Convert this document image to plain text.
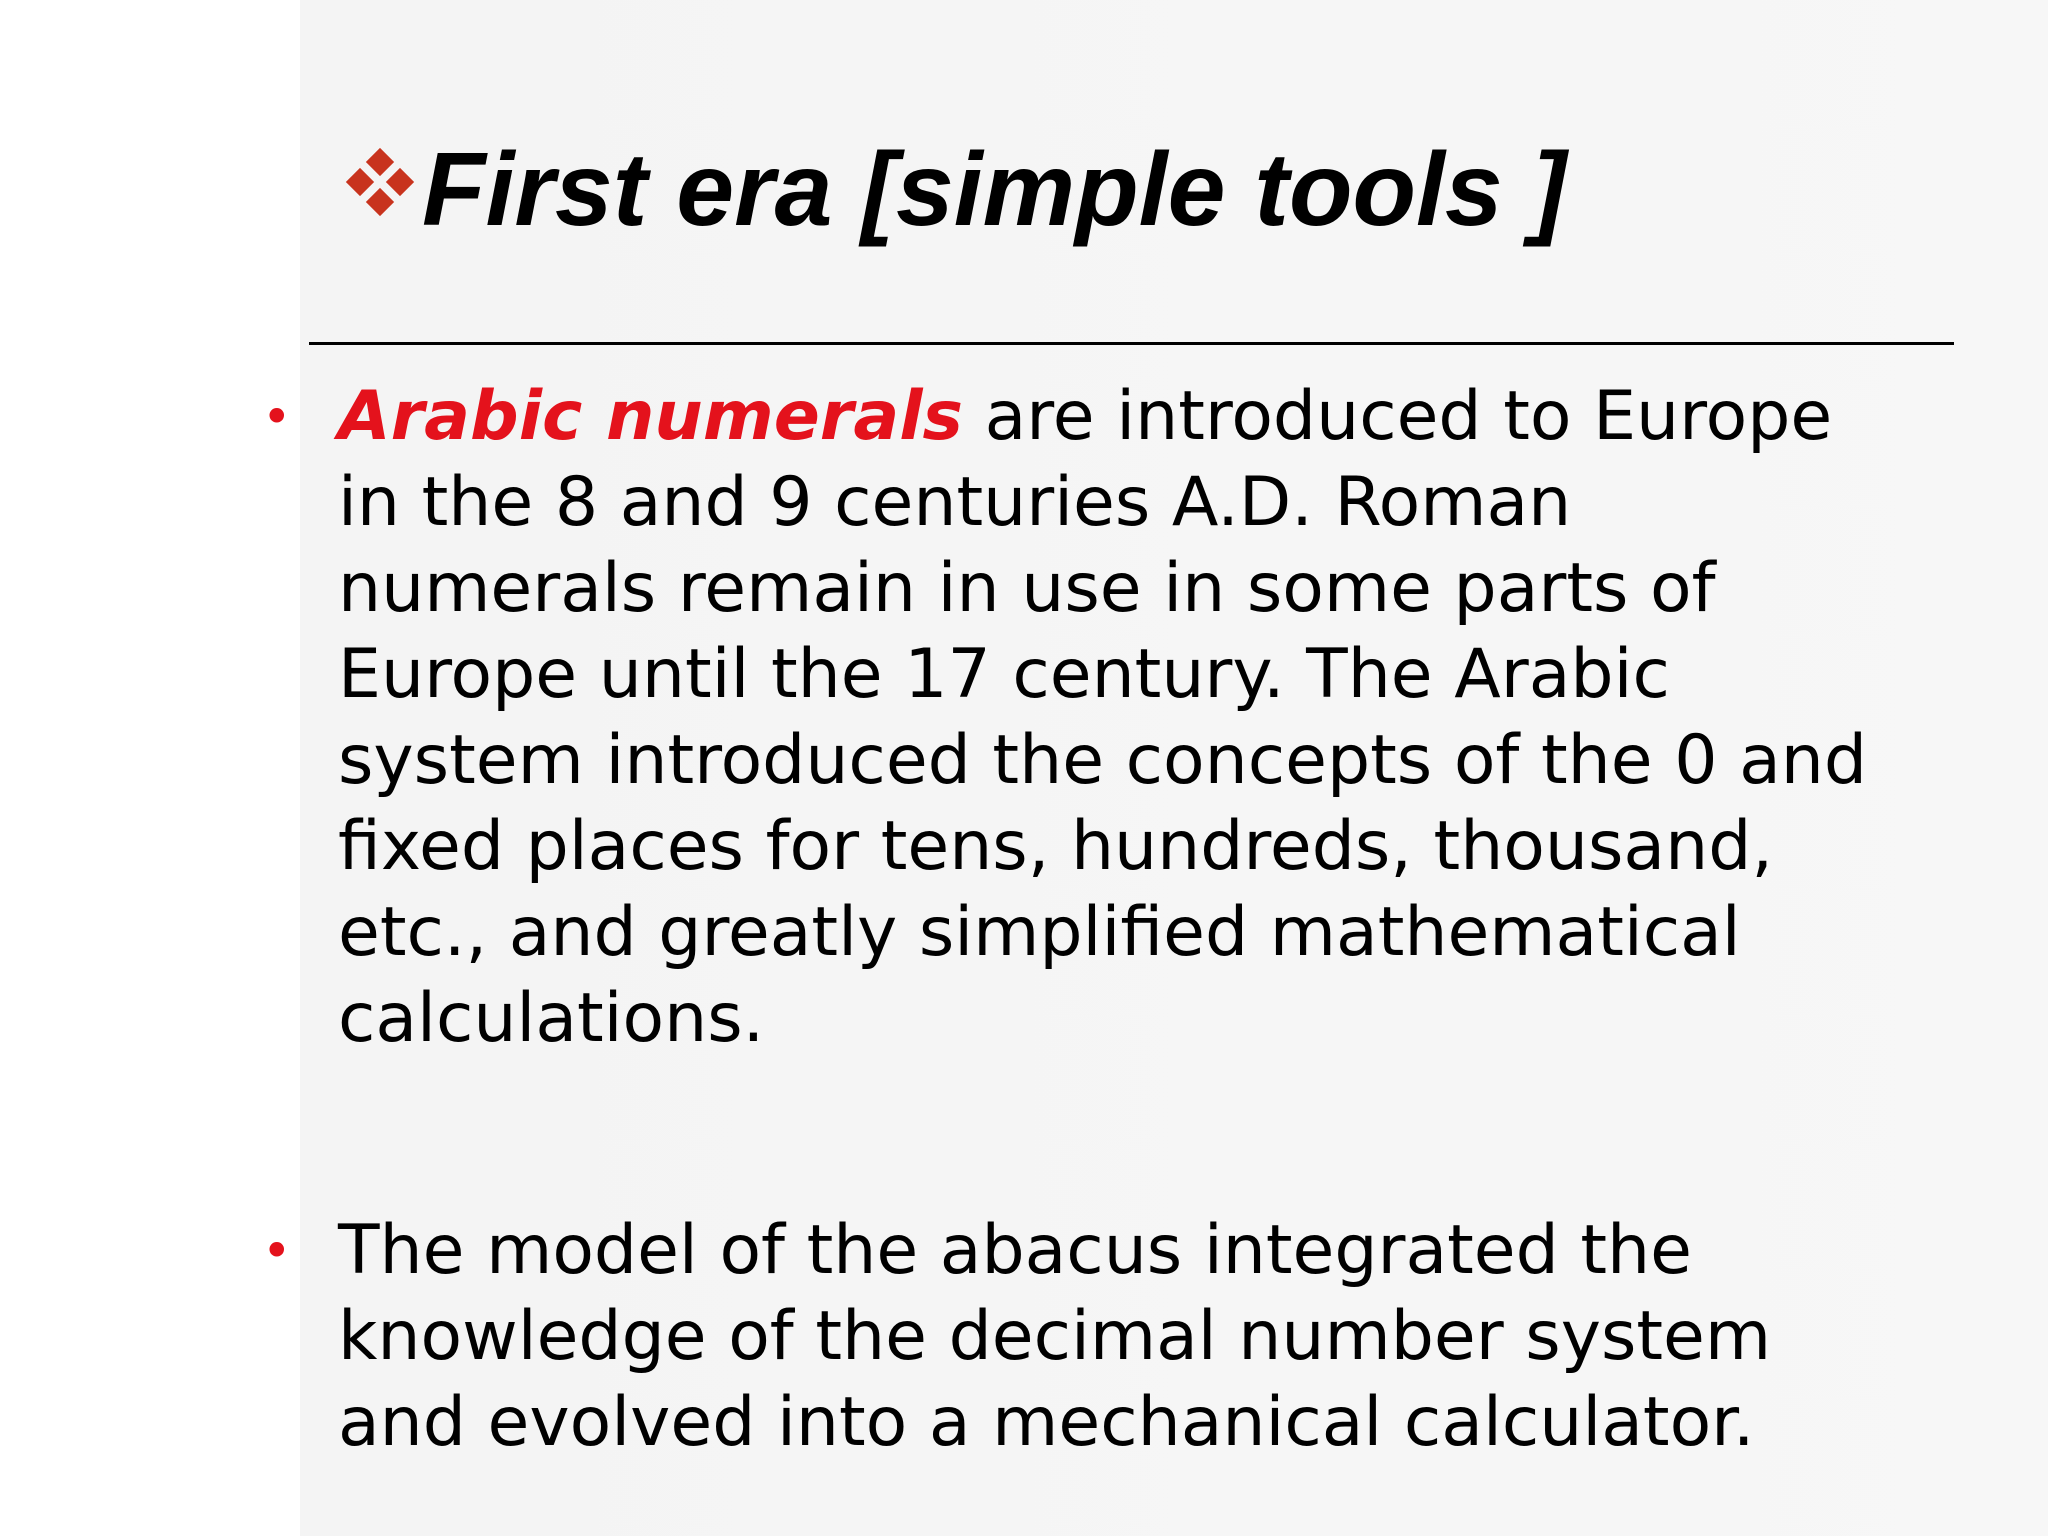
First era [simple tools ]
• Arabic numerals are introduced to Europe
in the 8 and 9 centuries A.D. Roman
numerals remain in use in some parts of
Europe until the 17 century. The Arabic
system introduced the concepts of the 0 and
fixed places for tens, hundreds, thousand,
etc., and greatly simplified mathematical
calculations.
• The model of the abacus integrated the
knowledge of the decimal number system
and evolved into a mechanical calculator.
